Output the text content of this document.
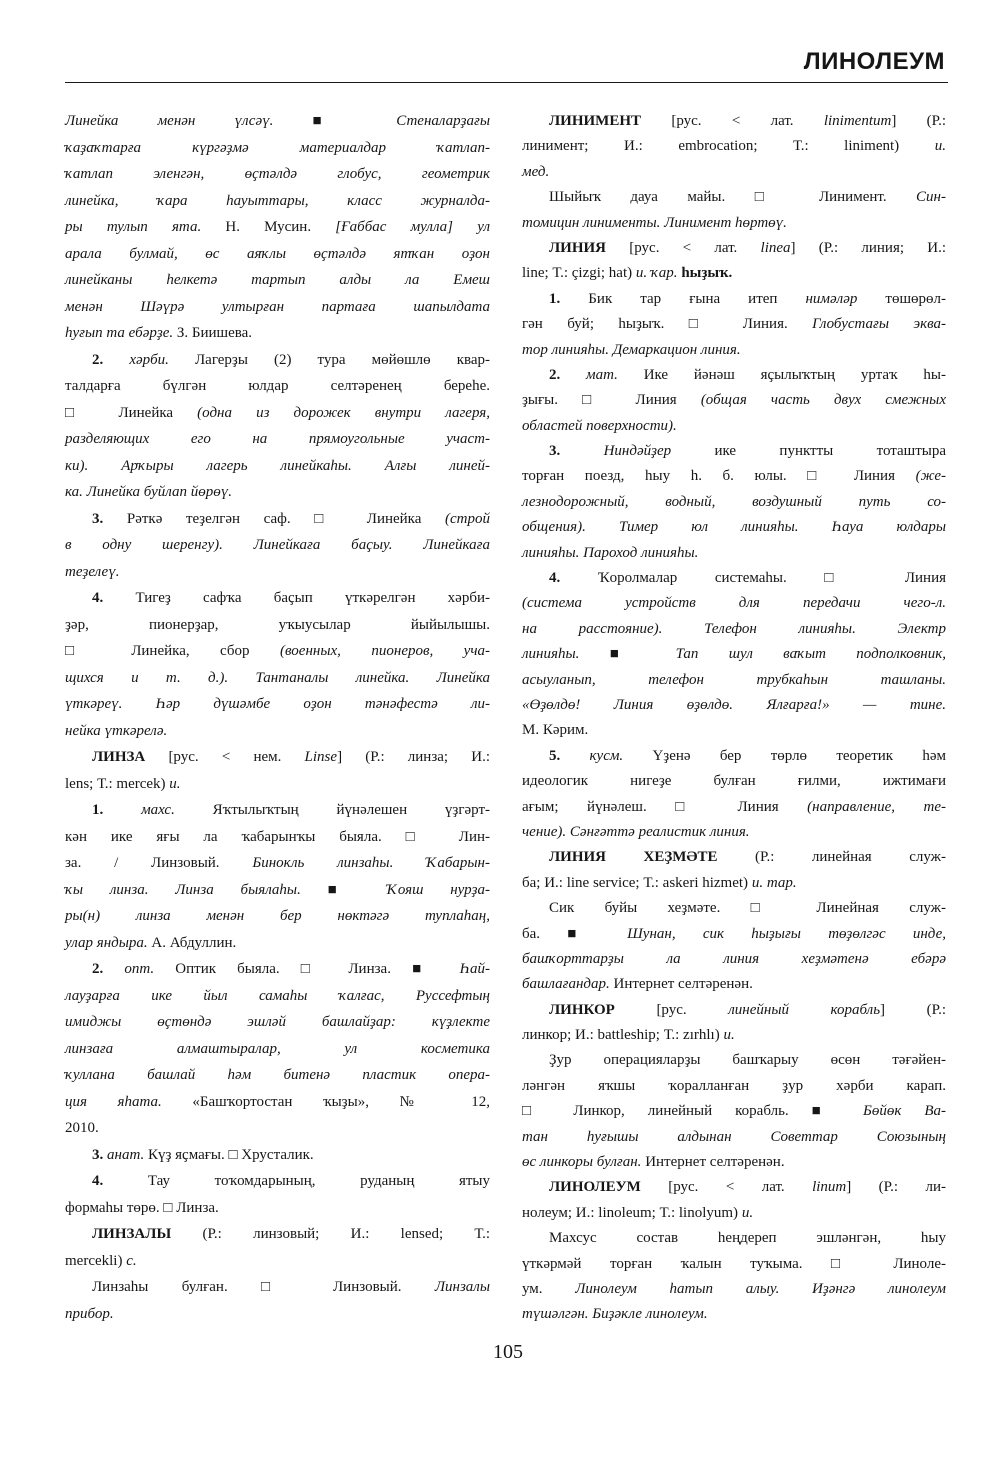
ЛИНОЛЕУМ
Линейка менән үлсәү. ■ Стеналарҙағы
ҡаҙаҡтарға күргәҙмә материалдар ҡатлап-
ҡатлап эленгән, өҫтәлдә глобус, геометрик
линейка, ҡара һауыттары, класс журналда-
ры тулып ята. Н. Мусин. [Ғаббас мулла] ул
арала булмай, өс аяҡлы өҫтәлдә ятҡан оҙон
линейканы һелкетә тартып алды ла Емеш
менән Шәүрә ултырған партаға шапылдата
һуғып та ебәрҙе. З. Биишева.
2. хәрби. Лагерҙы (2) тура мөйөшлө квар-
талдарға бүлгән юлдар селтәренең береһе.
□ Линейка (одна из дорожек внутри лагеря,
разделяющих его на прямоугольные участ-
ки). Арҡыры лагерь линейкаһы. Алғы линей-
ка. Линейка буйлап йөрөү.
3. Рәткә теҙелгән саф. □ Линейка (строй
в одну шеренгу). Линейкаға баҫыу. Линейкаға
теҙелеү.
4. Тигеҙ сафҡа баҫып үткәрелгән хәрби-
ҙәр, пионерҙар, уҡыусылар йыйылышы.
□ Линейка, сбор (военных, пионеров, уча-
щихся и т. д.). Тантаналы линейка. Линейка
үткәреү. Һәр дүшәмбе оҙон тәнәфестә ли-
нейка үткәрелә.
ЛИНЗА [рус. < нем. Linse] (Р.: линза; И.:
lens; Т.: mercek) и.
1. махс. Яҡтылыҡтың йүнәлешен үҙгәрт-
кән ике яғы ла ҡабарынҡы быяла. □ Лин-
за. / Линзовый. Бинокль линзаһы. Ҡабарын-
ҡы линза. Линза быялаһы. ■ Ҡояш нурҙа-
ры(н) линза менән бер нөктәгә туплаһаң,
улар яндыра. А. Абдуллин.
2. опт. Оптик быяла. □ Линза. ■ Һай-
лауҙарға ике йыл самаһы ҡалғас, Руссефтың
имиджы өҫтөндә эшләй башлайҙар: күҙлекте
линзаға алмаштыралар, ул косметика
ҡуллана башлай һәм битенә пластик опера-
ция яһата. «Башҡортостан ҡыҙы», № 12,
2010.
3. анат. Күҙ яҫмағы. □ Хрусталик.
4. Тау тоҡомдарының, руданың ятыу
формаһы төрө. □ Линза.
ЛИНЗАЛЫ (Р.: линзовый; И.: lensed; Т.:
mercekli) с.
Линзаһы булған. □ Линзовый. Линзалы
прибор.
ЛИНИМЕНТ [рус. < лат. linimentum] (Р.:
линимент; И.: embrocation; Т.: liniment) и.
мед.
Шыйыҡ дауа майы. □ Линимент. Син-
томицин линименты. Линимент һөртөү.
ЛИНИЯ [рус. < лат. linea] (Р.: линия; И.:
line; Т.: çizgi; hat) и. ҡар. һыҙыҡ.
1. Бик тар ғына итеп нимәләр төшөрөл-
гән буй; һыҙыҡ. □ Линия. Глобустағы эква-
тор линияһы. Демаркацион линия.
2. мат. Ике йәнәш яҫылыҡтың уртаҡ һы-
ҙығы. □ Линия (общая часть двух смежных
областей поверхности).
3. Ниндәйҙер ике пунктты тоташтыра
торған поезд, һыу һ. б. юлы. □ Линия (же-
лезнодорожный, водный, воздушный путь со-
общения). Тимер юл линияһы. Һауа юлдары
линияһы. Пароход линияһы.
4. Ҡоролмалар системаһы. □ Линия
(система устройств для передачи чего-л.
на расстояние). Телефон линияһы. Электр
линияһы. ■ Тап шул ваҡыт подполковник,
асыуланып, телефон трубкаһын ташланы.
«Өҙөлдө! Линия өҙөлдө. Ялғарға!» — тине.
М. Кәрим.
5. кусм. Үҙенә бер төрлө теоретик һәм
идеологик нигеҙе булған ғилми, ижтимағи
ағым; йүнәлеш. □ Линия (направление, те-
чение). Сәнғәттә реалистик линия.
ЛИНИЯ ХЕҘМӘТЕ (Р.: линейная служ-
ба; И.: line service; Т.: askeri hizmet) и. тар.
Сик буйы хеҙмәте. □ Линейная служ-
ба. ■ Шунан, сик һыҙығы төҙөлгәс инде,
башҡорттарҙы ла линия хеҙмәтенә ебәрә
башлағандар. Интернет селтәренән.
ЛИНКОР [рус. линейный корабль] (Р.:
линкор; И.: battleship; Т.: zırhlı) и.
Ҙур операцияларҙы башҡарыу өсөн тәғәйен-
ләнгән яҡшы ҡоралланған ҙур хәрби карап.
□ Линкор, линейный корабль. ■ Бөйөк Ва-
тан һуғышы алдынан Советтар Союзының
өс линкоры булған. Интернет селтәренән.
ЛИНОЛЕУМ [рус. < лат. linum] (Р.: ли-
нолеум; И.: linoleum; Т.: linolyum) и.
Махсус состав һеңдереп эшләнгән, һыу
үткәрмәй торған ҡалын туҡыма. □ Линоле-
ум. Линолеум һатып алыу. Иҙәнгә линолеум
түшәлгән. Биҙәкле линолеум.
105
